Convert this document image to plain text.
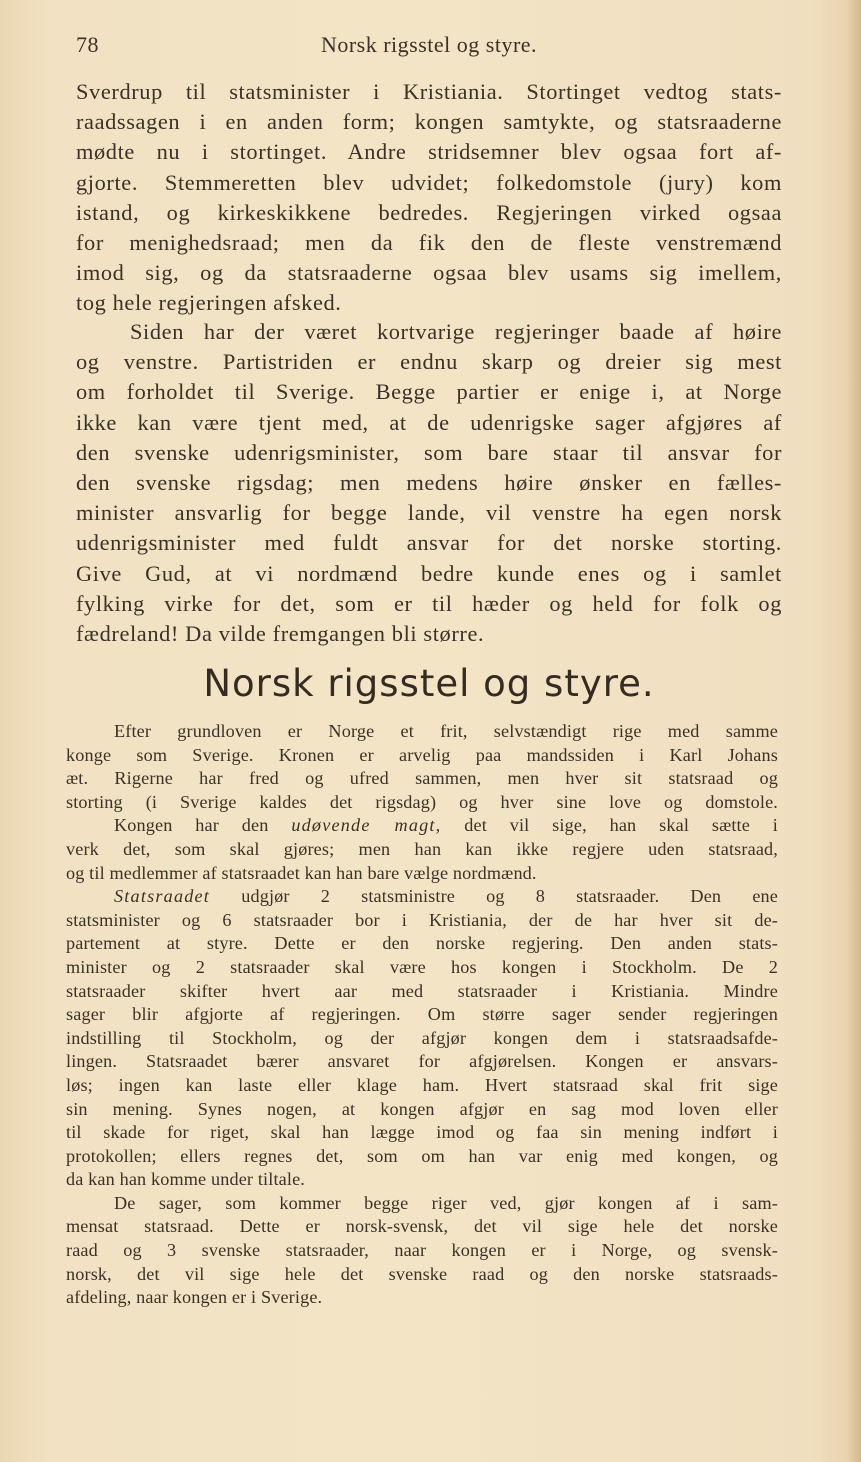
78	Norsk rigsstel og styre.
Sverdrup til statsminister i Kristiania. Stortinget vedtog stats-
raadssagen i en anden form; kongen samtykte, og statsraaderne
mødte nu i stortinget. Andre stridsemner blev ogsaa fort af-
gjorte. Stemmeretten blev udvidet; folkedomstole (jury) kom
istand, og kirkeskikkene bedredes. Regjeringen virked ogsaa
for menighedsraad; men da fik den de fleste venstremænd
imod sig, og da statsraaderne ogsaa blev usams sig imellem,
tog hele regjeringen afsked.
Siden har der været kortvarige regjeringer baade af høire
og venstre. Partistriden er endnu skarp og dreier sig mest
om forholdet til Sverige. Begge partier er enige i, at Norge
ikke kan være tjent med, at de udenrigske sager afgjøres af
den svenske udenrigsminister, som bare staar til ansvar for
den svenske rigsdag; men medens høire ønsker en fælles-
minister ansvarlig for begge lande, vil venstre ha egen norsk
udenrigsminister med fuldt ansvar for det norske storting.
Give Gud, at vi nordmænd bedre kunde enes og i samlet
fylking virke for det, som er til hæder og held for folk og
fædreland! Da vilde fremgangen bli større.
Norsk rigsstel og styre.
Efter grundloven er Norge et frit, selvstændigt rige med samme
konge som Sverige. Kronen er arvelig paa mandssiden i Karl Johans
æt. Rigerne har fred og ufred sammen, men hver sit statsraad og
storting (i Sverige kaldes det rigsdag) og hver sine love og domstole.
Kongen har den udøvende magt, det vil sige, han skal sætte i
verk det, som skal gjøres; men han kan ikke regjere uden statsraad,
og til medlemmer af statsraadet kan han bare vælge nordmænd.
Statsraadet udgjør 2 statsministre og 8 statsraader. Den ene
statsminister og 6 statsraader bor i Kristiania, der de har hver sit de-
partement at styre. Dette er den norske regjering. Den anden stats-
minister og 2 statsraader skal være hos kongen i Stockholm. De 2
statsraader skifter hvert aar med statsraader i Kristiania. Mindre
sager blir afgjorte af regjeringen. Om større sager sender regjeringen
indstilling til Stockholm, og der afgjør kongen dem i statsraadsafde-
lingen. Statsraadet bærer ansvaret for afgjørelsen. Kongen er ansvars-
løs; ingen kan laste eller klage ham. Hvert statsraad skal frit sige
sin mening. Synes nogen, at kongen afgjør en sag mod loven eller
til skade for riget, skal han lægge imod og faa sin mening indført i
protokollen; ellers regnes det, som om han var enig med kongen, og
da kan han komme under tiltale.
De sager, som kommer begge riger ved, gjør kongen af i sam-
mensat statsraad. Dette er norsk-svensk, det vil sige hele det norske
raad og 3 svenske statsraader, naar kongen er i Norge, og svensk-
norsk, det vil sige hele det svenske raad og den norske statsraads-
afdeling, naar kongen er i Sverige.
